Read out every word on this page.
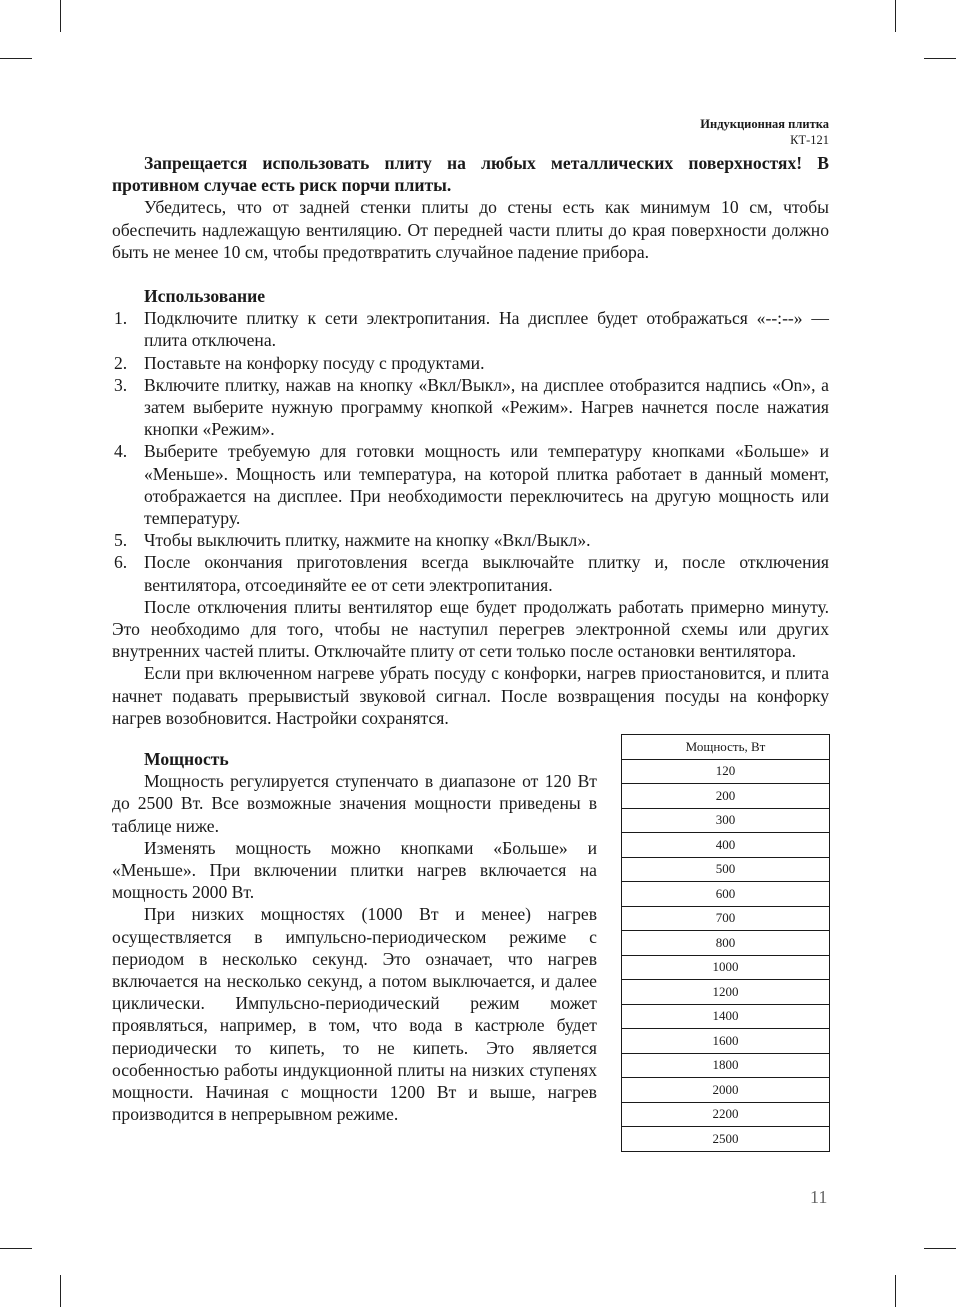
Индукционная плитка
КТ-121

Запрещается использовать плиту на любых металлических поверхностях! В противном случае есть риск порчи плиты.

Убедитесь, что от задней стенки плиты до стены есть как минимум 10 см, чтобы обеспечить надлежащую вентиляцию. От передней части плиты до края поверхности должно быть не менее 10 см, чтобы предотвратить случайное падение прибора.

Использование
1. Подключите плитку к сети электропитания. На дисплее будет отображаться «--:--» — плита отключена.
2. Поставьте на конфорку посуду с продуктами.
3. Включите плитку, нажав на кнопку «Вкл/Выкл», на дисплее отобразится надпись «On», а затем выберите нужную программу кнопкой «Режим». Нагрев начнется после нажатия кнопки «Режим».
4. Выберите требуемую для готовки мощность или температуру кнопками «Больше» и «Меньше». Мощность или температура, на которой плитка работает в данный момент, отображается на дисплее. При необходимости переключитесь на другую мощность или температуру.
5. Чтобы выключить плитку, нажмите на кнопку «Вкл/Выкл».
6. После окончания приготовления всегда выключайте плитку и, после отключения вентилятора, отсоединяйте ее от сети электропитания.

После отключения плиты вентилятор еще будет продолжать работать примерно минуту. Это необходимо для того, чтобы не наступил перегрев электронной схемы или других внутренних частей плиты. Отключайте плиту от сети только после остановки вентилятора.

Если при включенном нагреве убрать посуду с конфорки, нагрев приостановится, и плита начнет подавать прерывистый звуковой сигнал. После возвращения посуды на конфорку нагрев возобновится. Настройки сохранятся.

Мощность

Мощность регулируется ступенчато в диапазоне от 120 Вт до 2500 Вт. Все возможные значения мощности приведены в таблице ниже.

Изменять мощность можно кнопками «Больше» и «Меньше». При включении плитки нагрев включается на мощность 2000 Вт.

При низких мощностях (1000 Вт и менее) нагрев осуществляется в импульсно-периодическом режиме с периодом в несколько секунд. Это означает, что нагрев включается на несколько секунд, а потом выключается, и далее циклически. Импульсно-периодический режим может проявляться, например, в том, что вода в кастрюле будет периодически то кипеть, то не кипеть. Это является особенностью работы индукционной плиты на низких ступенях мощности. Начиная с мощности 1200 Вт и выше, нагрев производится в непрерывном режиме.

Мощность, Вт
120
200
300
400
500
600
700
800
1000
1200
1400
1600
1800
2000
2200
2500
11
